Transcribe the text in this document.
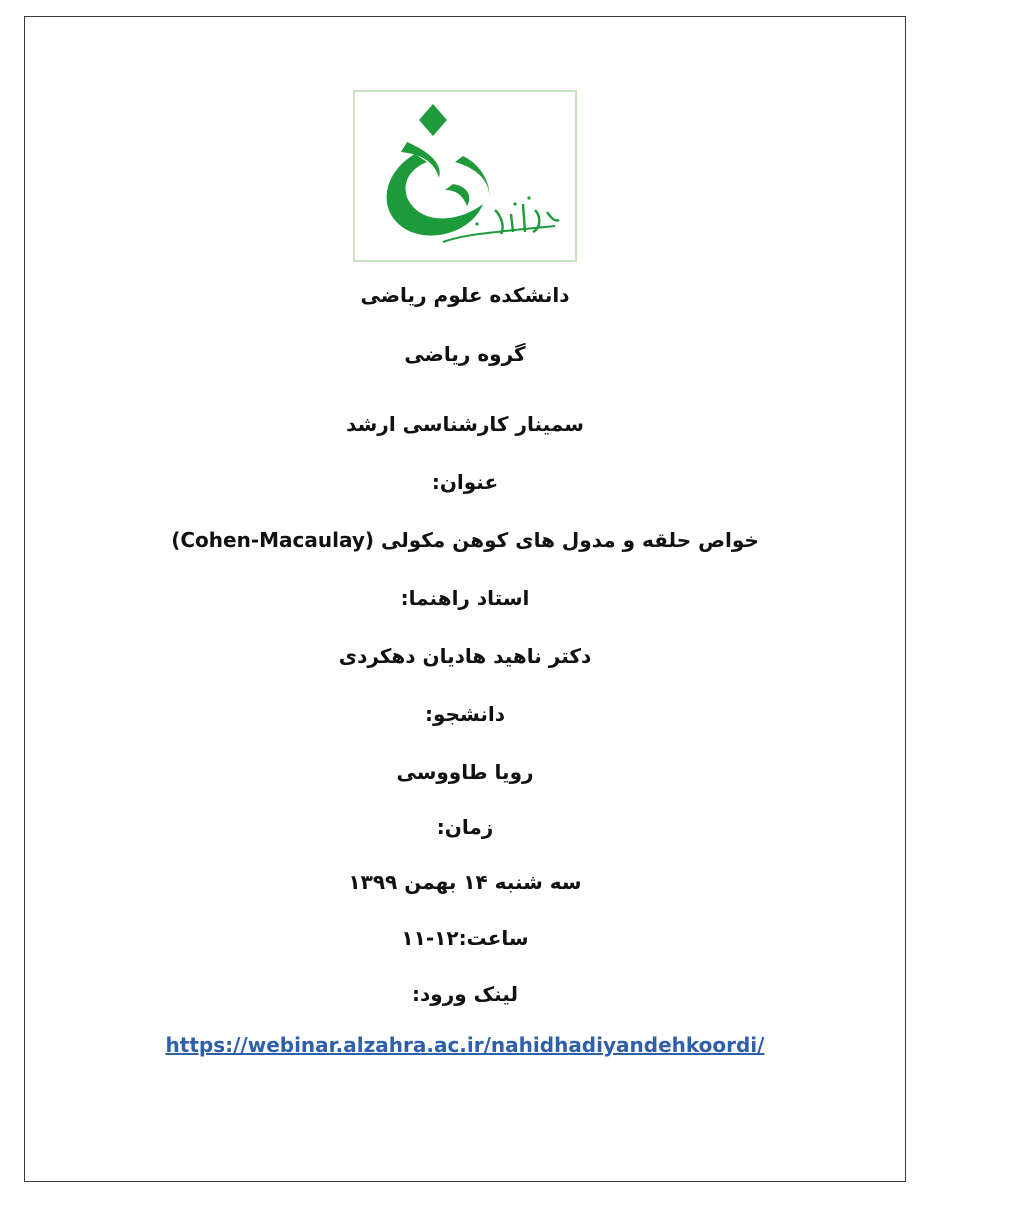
دانشکده علوم ریاضی
گروه ریاضی
سمینار کارشناسی ارشد
عنوان:
خواص حلقه و مدول های کوهن مکولی (Cohen-Macaulay)
استاد راهنما:
دکتر ناهید هادیان دهکردی
دانشجو:
رویا طاووسی
زمان:
سه شنبه ۱۴ بهمن ۱۳۹۹
ساعت:۱۲-۱۱
لینک ورود:
https://webinar.alzahra.ac.ir/nahidhadiyandehkoordi/
